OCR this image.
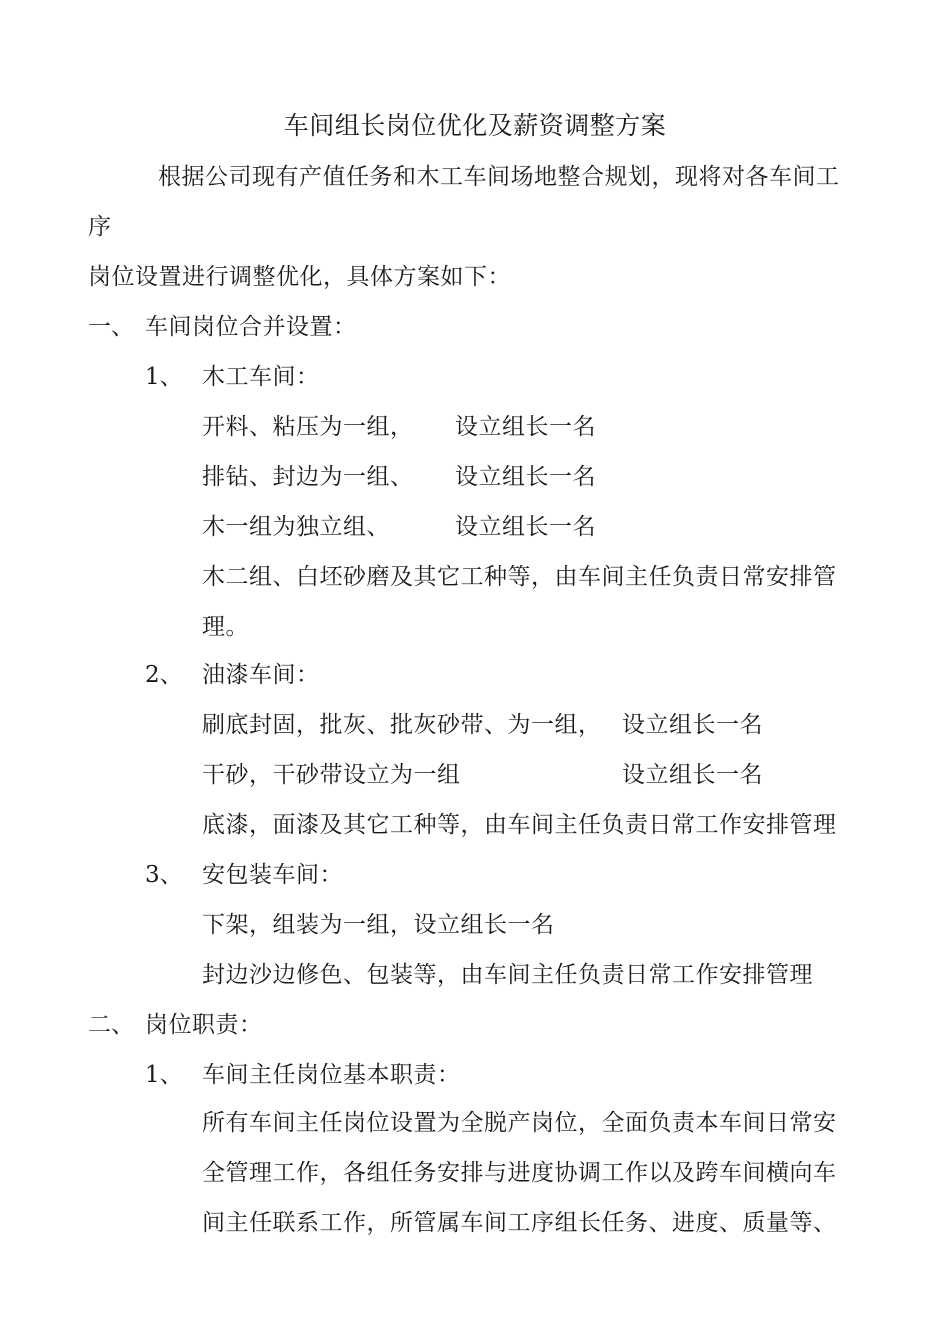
车间组长岗位优化及薪资调整方案
根据公司现有产值任务和木工车间场地整合规划，现将对各车间工
序
岗位设置进行调整优化，具体方案如下：
一、 车间岗位合并设置：
1、 木工车间：
开料、粘压为一组， 设立组长一名
排钻、封边为一组、 设立组长一名
木一组为独立组、	设立组长一名
木二组、白坯砂磨及其它工种等，由车间主任负责日常安排管
理。
2、 油漆车间：
刷底封固，批灰、批灰砂带、为一组， 设立组长一名
干砂，干砂带设立为一组	设立组长一名
底漆，面漆及其它工种等，由车间主任负责日常工作安排管理
3、 安包装车间：
下架，组装为一组，设立组长一名
封边沙边修色、包装等，由车间主任负责日常工作安排管理
二、 岗位职责：
1、 车间主任岗位基本职责：
所有车间主任岗位设置为全脱产岗位，全面负责本车间日常安
全管理工作，各组任务安排与进度协调工作以及跨车间横向车
间主任联系工作，所管属车间工序组长任务、进度、质量等、
